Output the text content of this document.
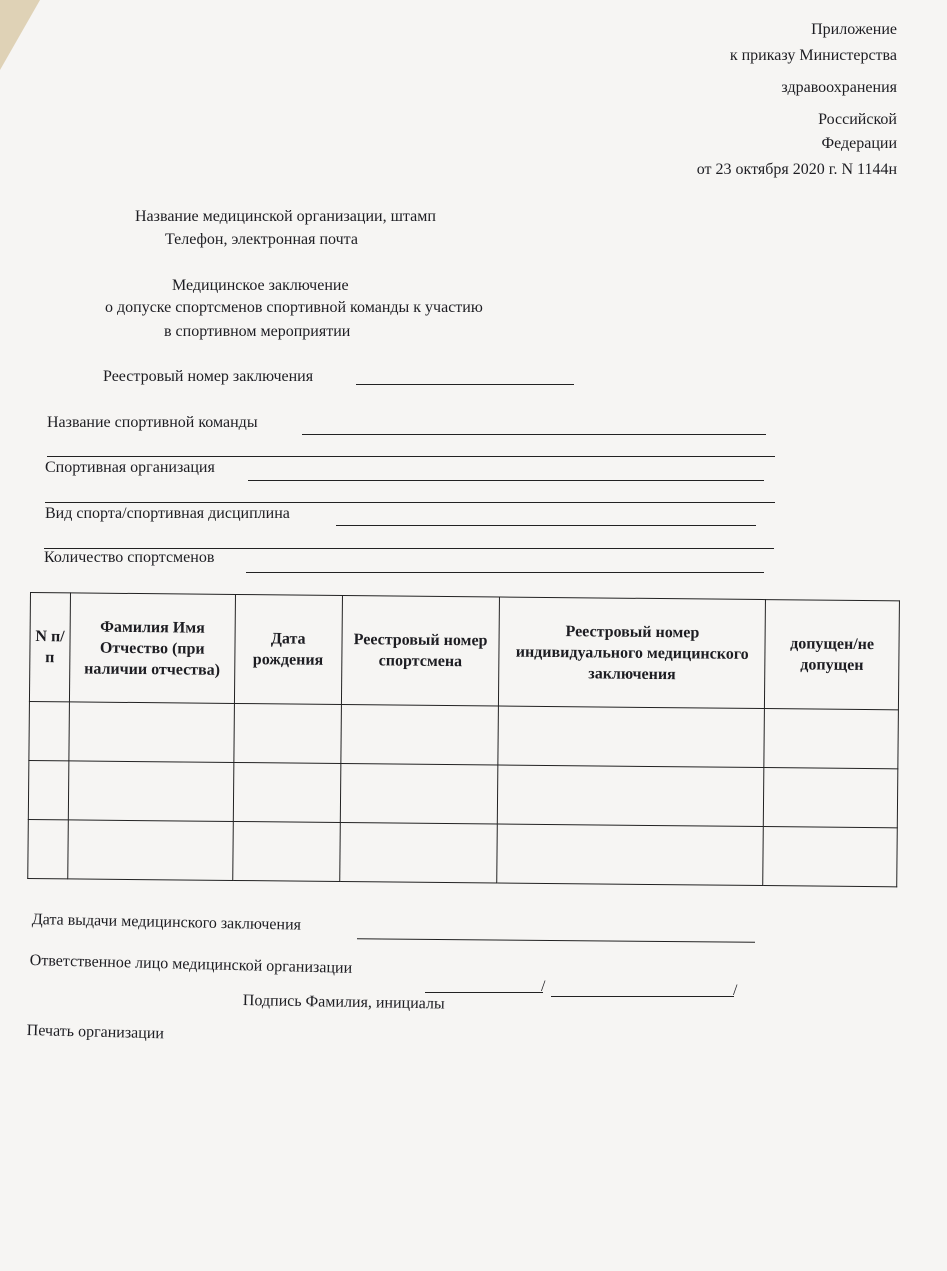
Приложение
к приказу Министерства
здравоохранения
Российской
Федерации
от 23 октября 2020 г. N 1144н
Название медицинской организации, штамп
Телефон, электронная почта
Медицинское заключение
о допуске спортсменов спортивной команды к участию
в спортивном мероприятии
Реестровый номер заключения
Название спортивной команды
Спортивная организация
Вид спорта/спортивная дисциплина
Количество спортсменов
N п/п	Фамилия Имя Отчество (при наличии отчества)	Дата рождения	Реестровый номер спортсмена	Реестровый номер индивидуального медицинского заключения	допущен/не допущен

Дата выдачи медицинского заключения
Ответственное лицо медицинской организации
/	/
Подпись Фамилия, инициалы
Печать организации
